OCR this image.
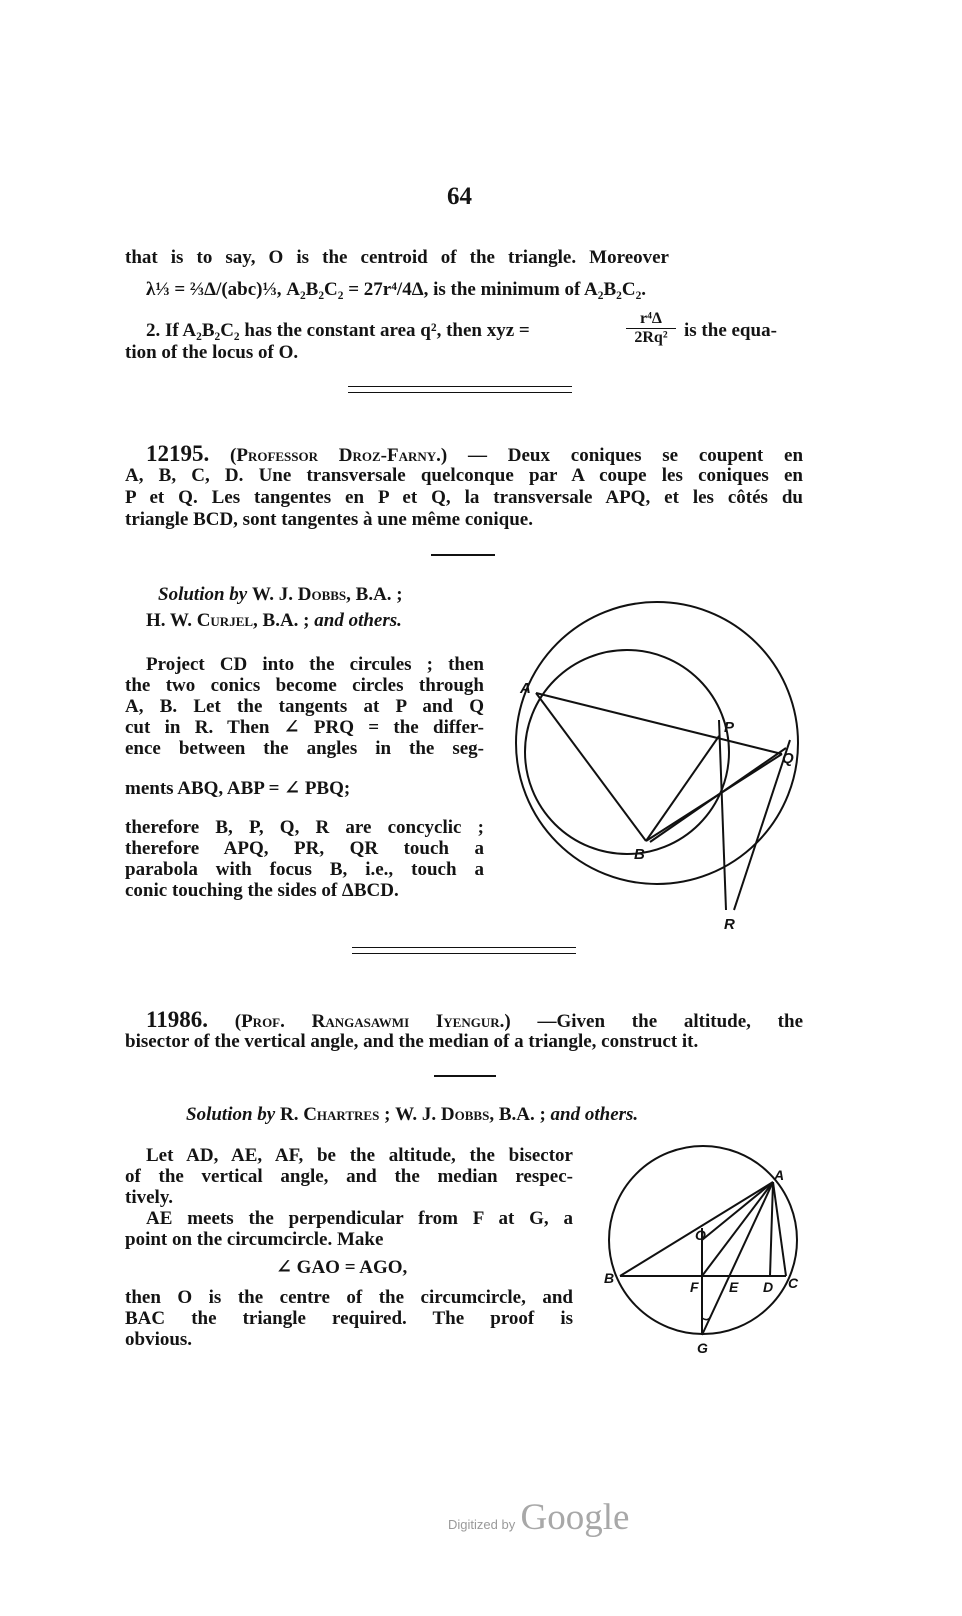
64
that is to say, O is the centroid of the triangle. Moreover
λ⅓ = ⅔Δ/(abc)⅓, A₂B₂C₂ = 27r⁴/4Δ, is the minimum of A₂B₂C₂.
2. If A₂B₂C₂ has the constant area q², then xyz =
r⁴Δ
2Rq² is the equa-
tion of the locus of O.
12195. (Professor Droz-Farny.) — Deux coniques se coupent en
A, B, C, D. Une transversale quelconque par A coupe les coniques en
P et Q. Les tangentes en P et Q, la transversale APQ, et les côtés du
triangle BCD, sont tangentes à une même conique.
Solution by W. J. Dobbs, B.A. ;
H. W. Curjel, B.A. ; and others.
Project CD into the circules ; then
the two conics become circles through
A, B. Let the tangents at P and Q
cut in R. Then ∠ PRQ = the differ-
ence between the angles in the seg-
ments ABQ, ABP = ∠ PBQ;
therefore B, P, Q, R are concyclic ;
therefore APQ, PR, QR touch a
parabola with focus B, i.e., touch a
conic touching the sides of ΔBCD.
A
P
Q
B
R
11986. (Prof. Rangasawmi Iyengur.) —Given the altitude, the
bisector of the vertical angle, and the median of a triangle, construct it.
Solution by R. Chartres ; W. J. Dobbs, B.A. ; and others.
Let AD, AE, AF, be the altitude, the bisector
of the vertical angle, and the median respec-
tively.
AE meets the perpendicular from F at G, a
point on the circumcircle. Make
∠ GAO = AGO,
then O is the centre of the circumcircle, and
BAC the triangle required. The proof is
obvious.
A
O
B
F E D C
G
Digitized by Google
